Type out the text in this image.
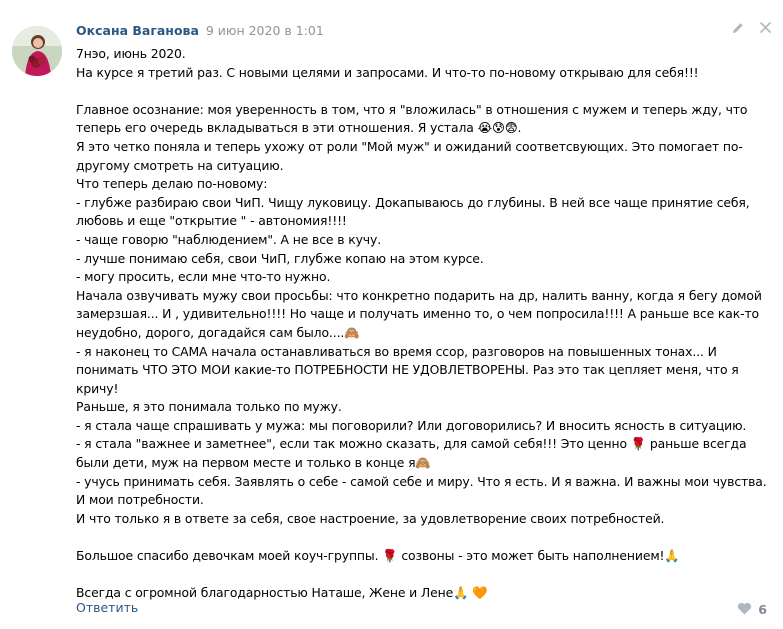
Оксана Ваганова 9 июн 2020 в 1:01
7нэо, июнь 2020.
На курсе я третий раз. С новыми целями и запросами. И что-то по-новому открываю для себя!!!

Главное осознание: моя уверенность в том, что я "вложилась" в отношения с мужем и теперь жду, что теперь его очередь вкладываться в эти отношения. Я устала 😭😰😨.
Я это четко поняла и теперь ухожу от роли "Мой муж" и ожиданий соответсвующих. Это помогает по-другому смотреть на ситуацию.
Что теперь делаю по-новому:
- глубже разбираю свои ЧиП. Чищу луковицу. Докапываюсь до глубины. В ней все чаще принятие себя, любовь и еще "открытие " - автономия!!!!
- чаще говорю "наблюдением". А не все в кучу.
- лучше понимаю себя, свои ЧиП, глубже копаю на этом курсе.
- могу просить, если мне что-то нужно.
Начала озвучивать мужу свои просьбы: что конкретно подарить на др, налить ванну, когда я бегу домой замерзшая... И , удивительно!!!! Но чаще и получать именно то, о чем попросила!!!! А раньше все как-то неудобно, дорого, догадайся сам было....🙈
- я наконец то САМА начала останавливаться во время ссор, разговоров на повышенных тонах... И понимать ЧТО ЭТО МОИ какие-то ПОТРЕБНОСТИ НЕ УДОВЛЕТВОРЕНЫ. Раз это так цепляет меня, что я кричу!
Раньше, я это понимала только по мужу.
- я стала чаще спрашивать у мужа: мы поговорили? Или договорились? И вносить ясность в ситуацию.
- я стала "важнее и заметнее", если так можно сказать, для самой себя!!! Это ценно 🌹 раньше всегда были дети, муж на первом месте и только в конце я🙈
- учусь принимать себя. Заявлять о себе - самой себе и миру. Что я есть. И я важна. И важны мои чувства. И мои потребности.
И что только я в ответе за себя, свое настроение, за удовлетворение своих потребностей.

Большое спасибо девочкам моей коуч-группы. 🌹 созвоны - это может быть наполнением!🙏

Всегда с огромной благодарностью Наташе, Жене и Лене🙏 🧡
Ответить	6
